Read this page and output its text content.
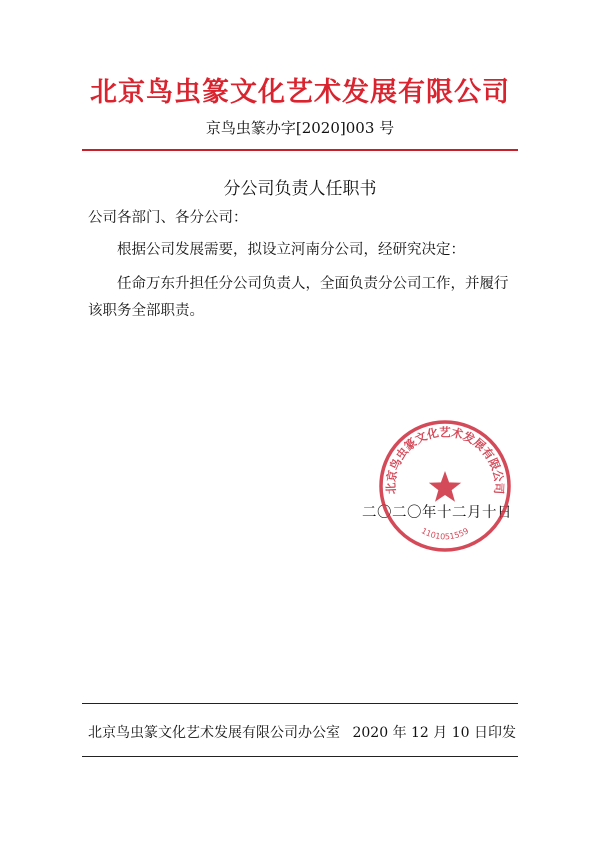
北京鸟虫篆文化艺术发展有限公司
京鸟虫篆办字[2020]003 号
分公司负责人任职书
公司各部门、各分公司：
根据公司发展需要，拟设立河南分公司，经研究决定：
任命万东升担任分公司负责人，全面负责分公司工作，并履行该职务全部职责。
二〇二〇年十二月十日
北京鸟虫篆文化艺术发展有限公司
1101051559
北京鸟虫篆文化艺术发展有限公司办公室 2020 年 12 月 10 日印发
